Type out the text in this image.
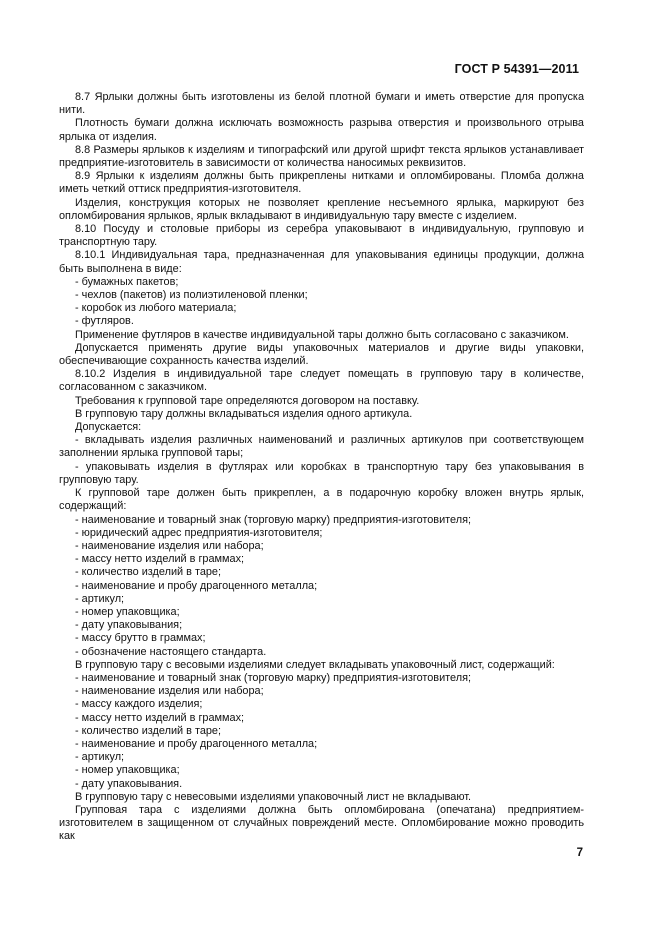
ГОСТ Р 54391—2011

8.7 Ярлыки должны быть изготовлены из белой плотной бумаги и иметь отверстие для пропуска нити.

Плотность бумаги должна исключать возможность разрыва отверстия и произвольного отрыва ярлыка от изделия.

8.8 Размеры ярлыков к изделиям и типографский или другой шрифт текста ярлыков устанавливает предприятие-изготовитель в зависимости от количества наносимых реквизитов.

8.9 Ярлыки к изделиям должны быть прикреплены нитками и опломбированы. Пломба должна иметь четкий оттиск предприятия-изготовителя.

Изделия, конструкция которых не позволяет крепление несъемного ярлыка, маркируют без опломбирования ярлыков, ярлык вкладывают в индивидуальную тару вместе с изделием.

8.10 Посуду и столовые приборы из серебра упаковывают в индивидуальную, групповую и транспортную тару.

8.10.1 Индивидуальная тара, предназначенная для упаковывания единицы продукции, должна быть выполнена в виде:

- бумажных пакетов;

- чехлов (пакетов) из полиэтиленовой пленки;

- коробок из любого материала;

- футляров.

Применение футляров в качестве индивидуальной тары должно быть согласовано с заказчиком.

Допускается применять другие виды упаковочных материалов и другие виды упаковки, обеспечивающие сохранность качества изделий.

8.10.2 Изделия в индивидуальной таре следует помещать в групповую тару в количестве, согласованном с заказчиком.

Требования к групповой таре определяются договором на поставку.

В групповую тару должны вкладываться изделия одного артикула.

Допускается:

- вкладывать изделия различных наименований и различных артикулов при соответствующем заполнении ярлыка групповой тары;

- упаковывать изделия в футлярах или коробках в транспортную тару без упаковывания в групповую тару.

К групповой таре должен быть прикреплен, а в подарочную коробку вложен внутрь ярлык, содержащий:

- наименование и товарный знак (торговую марку) предприятия-изготовителя;

- юридический адрес предприятия-изготовителя;

- наименование изделия или набора;

- массу нетто изделий в граммах;

- количество изделий в таре;

- наименование и пробу драгоценного металла;

- артикул;

- номер упаковщика;

- дату упаковывания;

- массу брутто в граммах;

- обозначение настоящего стандарта.

В групповую тару с весовыми изделиями следует вкладывать упаковочный лист, содержащий:

- наименование и товарный знак (торговую марку) предприятия-изготовителя;

- наименование изделия или набора;

- массу каждого изделия;

- массу нетто изделий в граммах;

- количество изделий в таре;

- наименование и пробу драгоценного металла;

- артикул;

- номер упаковщика;

- дату упаковывания.

В групповую тару с невесовыми изделиями упаковочный лист не вкладывают.

Групповая тара с изделиями должна быть опломбирована (опечатана) предприятием-изготовителем в защищенном от случайных повреждений месте. Опломбирование можно проводить как

7
